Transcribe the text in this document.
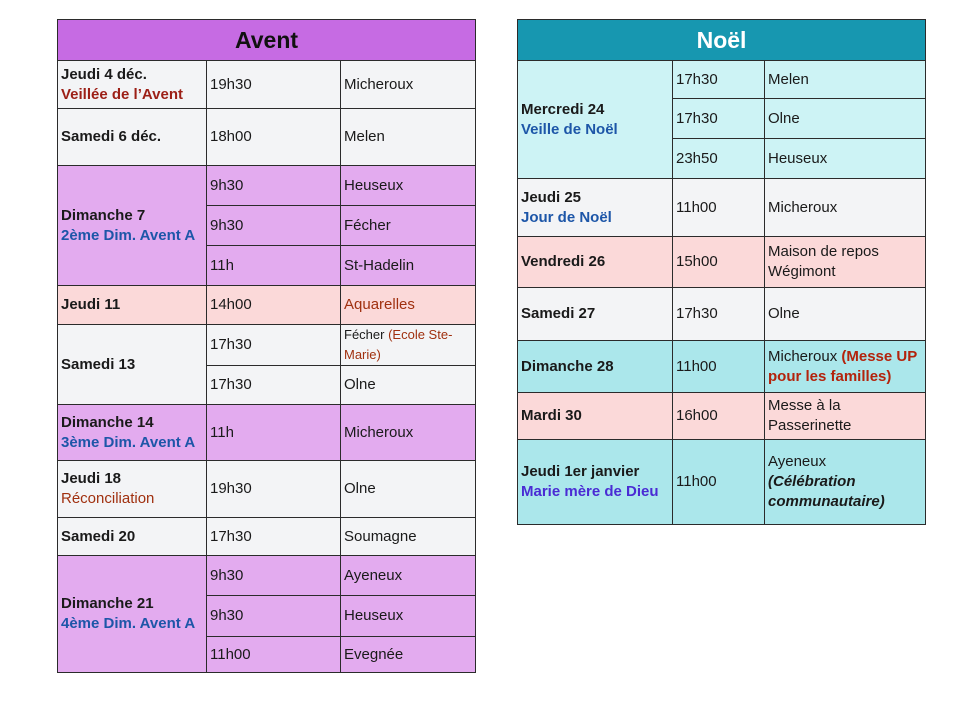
Avent		
Jeudi 4 déc.
Veillée de l’Avent	19h30	Micheroux
Samedi 6 déc.	18h00	Melen
Dimanche 7
2ème Dim. Avent A	9h30	Heuseux
	9h30	Fécher
	11h	St-Hadelin
Jeudi 11	14h00	Aquarelles
Samedi 13	17h30	Fécher (Ecole Ste-Marie)
	17h30	Olne
Dimanche 14
3ème Dim. Avent A	11h	Micheroux
Jeudi 18
Réconciliation	19h30	Olne
Samedi 20	17h30	Soumagne
Dimanche 21
4ème Dim. Avent A	9h30	Ayeneux
	9h30	Heuseux
	11h00	Evegnée
Noël		
Mercredi 24
Veille de Noël	17h30	Melen
	17h30	Olne
	23h50	Heuseux
Jeudi 25
Jour de Noël	11h00	Micheroux
Vendredi 26	15h00	Maison de repos Wégimont
Samedi 27	17h30	Olne
Dimanche 28	11h00	Micheroux (Messe UP pour les familles)
Mardi 30	16h00	Messe à la Passerinette
Jeudi 1er janvier
Marie mère de Dieu	11h00	Ayeneux
(Célébration communautaire)
